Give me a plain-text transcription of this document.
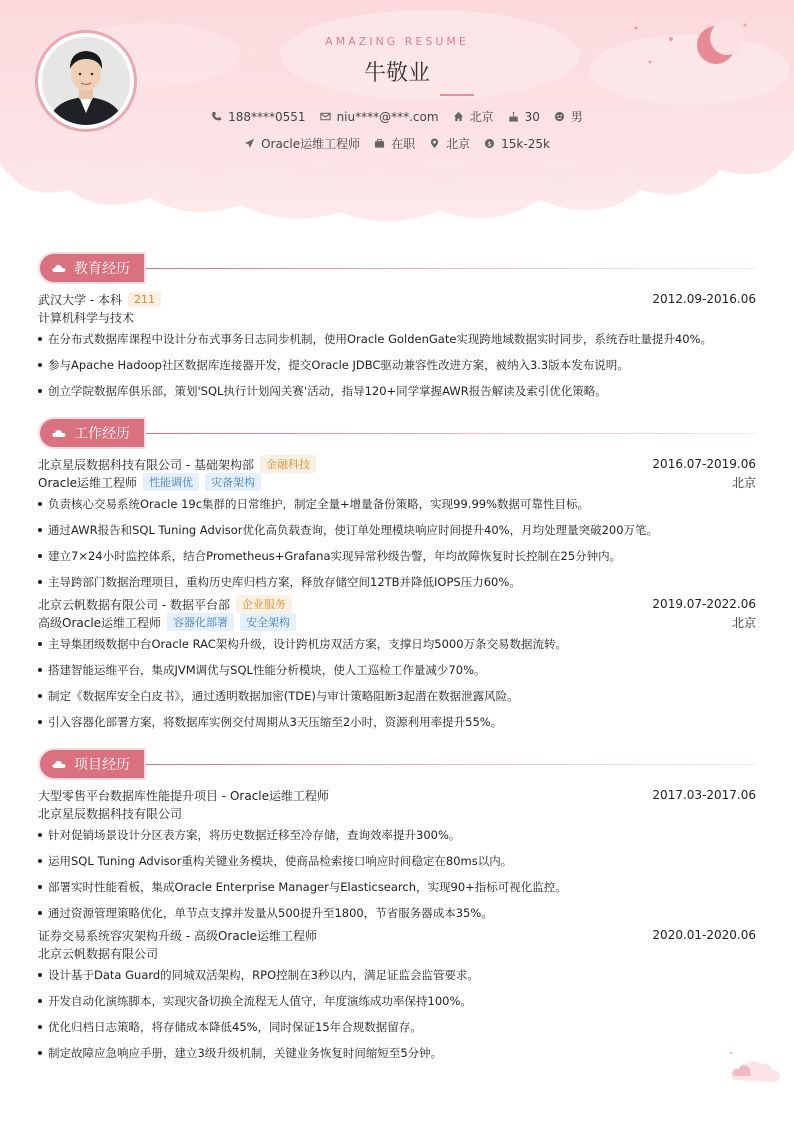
AMAZING RESUME
牛敬业
188****0551	niu****@***.com	北京	30	男
Oracle运维工程师	在职	北京 $ 15k-25k
教育经历
武汉大学 - 本科	211	2012.09-2016.06
计算机科学与技术
在分布式数据库课程中设计分布式事务日志同步机制，使用Oracle GoldenGate实现跨地域数据实时同步，系统吞吐量提升40%。
参与Apache Hadoop社区数据库连接器开发，提交Oracle JDBC驱动兼容性改进方案，被纳入3.3版本发布说明。
创立学院数据库俱乐部，策划'SQL执行计划闯关赛'活动，指导120+同学掌握AWR报告解读及索引优化策略。
工作经历
北京星辰数据科技有限公司 - 基础架构部	金融科技	2016.07-2019.06
Oracle运维工程师	性能调优	灾备架构	北京
负责核心交易系统Oracle 19c集群的日常维护，制定全量+增量备份策略，实现99.99%数据可靠性目标。
通过AWR报告和SQL Tuning Advisor优化高负载查询，使订单处理模块响应时间提升40%，月均处理量突破200万笔。
建立7×24小时监控体系，结合Prometheus+Grafana实现异常秒级告警，年均故障恢复时长控制在25分钟内。
主导跨部门数据治理项目，重构历史库归档方案，释放存储空间12TB并降低IOPS压力60%。
北京云帆数据有限公司 - 数据平台部	企业服务	2019.07-2022.06
高级Oracle运维工程师	容器化部署	安全架构	北京
主导集团级数据中台Oracle RAC架构升级，设计跨机房双活方案，支撑日均5000万条交易数据流转。
搭建智能运维平台，集成JVM调优与SQL性能分析模块，使人工巡检工作量减少70%。
制定《数据库安全白皮书》，通过透明数据加密(TDE)与审计策略阻断3起潜在数据泄露风险。
引入容器化部署方案，将数据库实例交付周期从3天压缩至2小时，资源利用率提升55%。
项目经历
大型零售平台数据库性能提升项目 - Oracle运维工程师	2017.03-2017.06
北京星辰数据科技有限公司
针对促销场景设计分区表方案，将历史数据迁移至冷存储，查询效率提升300%。
运用SQL Tuning Advisor重构关键业务模块，使商品检索接口响应时间稳定在80ms以内。
部署实时性能看板，集成Oracle Enterprise Manager与Elasticsearch，实现90+指标可视化监控。
通过资源管理策略优化，单节点支撑并发量从500提升至1800，节省服务器成本35%。
证券交易系统容灾架构升级 - 高级Oracle运维工程师	2020.01-2020.06
北京云帆数据有限公司
设计基于Data Guard的同城双活架构，RPO控制在3秒以内，满足证监会监管要求。
开发自动化演练脚本，实现灾备切换全流程无人值守，年度演练成功率保持100%。
优化归档日志策略，将存储成本降低45%，同时保证15年合规数据留存。
制定故障应急响应手册，建立3级升级机制，关键业务恢复时间缩短至5分钟。
